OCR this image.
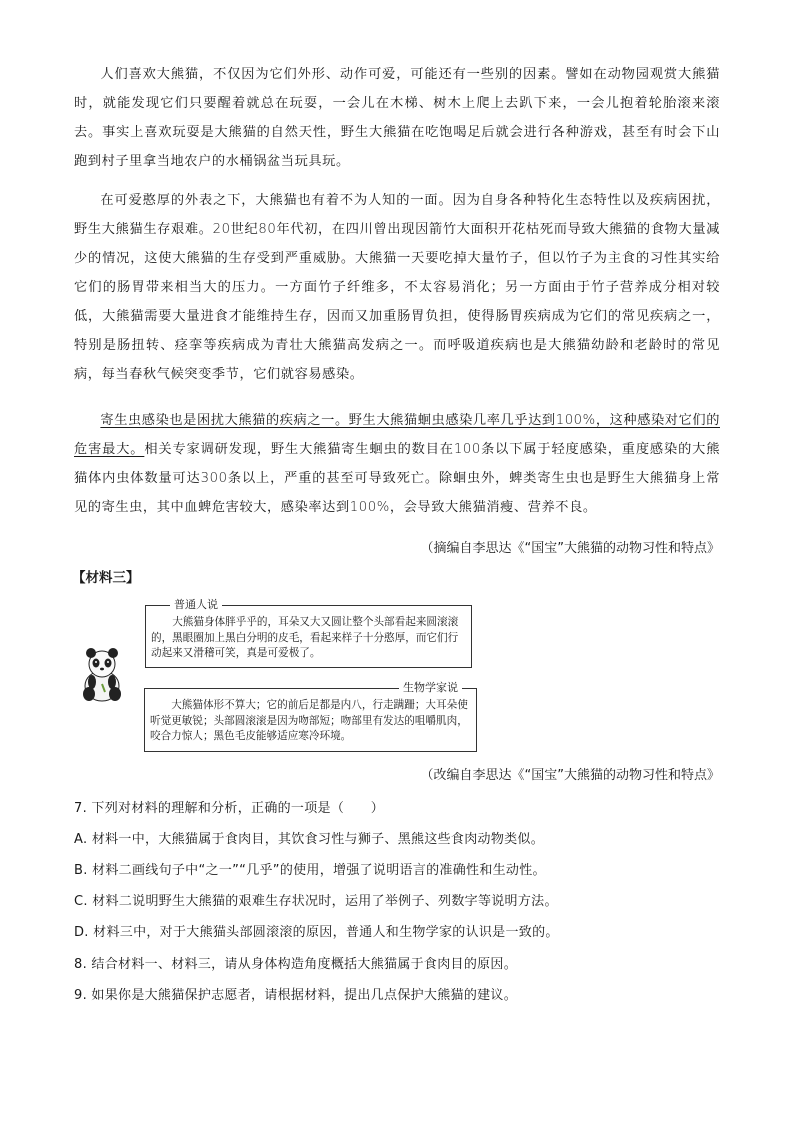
人们喜欢大熊猫，不仅因为它们外形、动作可爱，可能还有一些别的因素。譬如在动物园观赏大熊猫时，就能发现它们只要醒着就总在玩耍，一会儿在木梯、树木上爬上去趴下来，一会儿抱着轮胎滚来滚去。事实上喜欢玩耍是大熊猫的自然天性，野生大熊猫在吃饱喝足后就会进行各种游戏，甚至有时会下山跑到村子里拿当地农户的水桶锅盆当玩具玩。

在可爱憨厚的外表之下，大熊猫也有着不为人知的一面。因为自身各种特化生态特性以及疾病困扰，野生大熊猫生存艰难。20世纪80年代初，在四川曾出现因箭竹大面积开花枯死而导致大熊猫的食物大量减少的情况，这使大熊猫的生存受到严重威胁。大熊猫一天要吃掉大量竹子，但以竹子为主食的习性其实给它们的肠胃带来相当大的压力。一方面竹子纤维多，不太容易消化；另一方面由于竹子营养成分相对较低，大熊猫需要大量进食才能维持生存，因而又加重肠胃负担，使得肠胃疾病成为它们的常见疾病之一，特别是肠扭转、痉挛等疾病成为青壮大熊猫高发病之一。而呼吸道疾病也是大熊猫幼龄和老龄时的常见病，每当春秋气候突变季节，它们就容易感染。

寄生虫感染也是困扰大熊猫的疾病之一。野生大熊猫蛔虫感染几率几乎达到100%，这种感染对它们的危害最大。相关专家调研发现，野生大熊猫寄生蛔虫的数目在100条以下属于轻度感染，重度感染的大熊猫体内虫体数量可达300条以上，严重的甚至可导致死亡。除蛔虫外，蜱类寄生虫也是野生大熊猫身上常见的寄生虫，其中血蜱危害较大，感染率达到100%，会导致大熊猫消瘦、营养不良。

（摘编自李思达《“国宝”大熊猫的动物习性和特点》
【材料三】
普通人说
大熊猫身体胖乎乎的，耳朵又大又圆让整个头部看起来圆滚滚的，黑眼圈加上黑白分明的皮毛，看起来样子十分憨厚，而它们行动起来又滑稽可笑，真是可爱极了。
生物学家说
大熊猫体形不算大；它的前后足都是内八，行走蹒跚；大耳朵使听觉更敏锐；头部圆滚滚是因为吻部短；吻部里有发达的咀嚼肌肉，咬合力惊人；黑色毛皮能够适应寒冷环境。
（改编自李思达《“国宝”大熊猫的动物习性和特点》
7. 下列对材料的理解和分析，正确的一项是（　　）
A. 材料一中，大熊猫属于食肉目，其饮食习性与狮子、黑熊这些食肉动物类似。
B. 材料二画线句子中“之一”“几乎”的使用，增强了说明语言的准确性和生动性。
C. 材料二说明野生大熊猫的艰难生存状况时，运用了举例子、列数字等说明方法。
D. 材料三中，对于大熊猫头部圆滚滚的原因，普通人和生物学家的认识是一致的。
8. 结合材料一、材料三，请从身体构造角度概括大熊猫属于食肉目的原因。
9. 如果你是大熊猫保护志愿者，请根据材料，提出几点保护大熊猫的建议。
